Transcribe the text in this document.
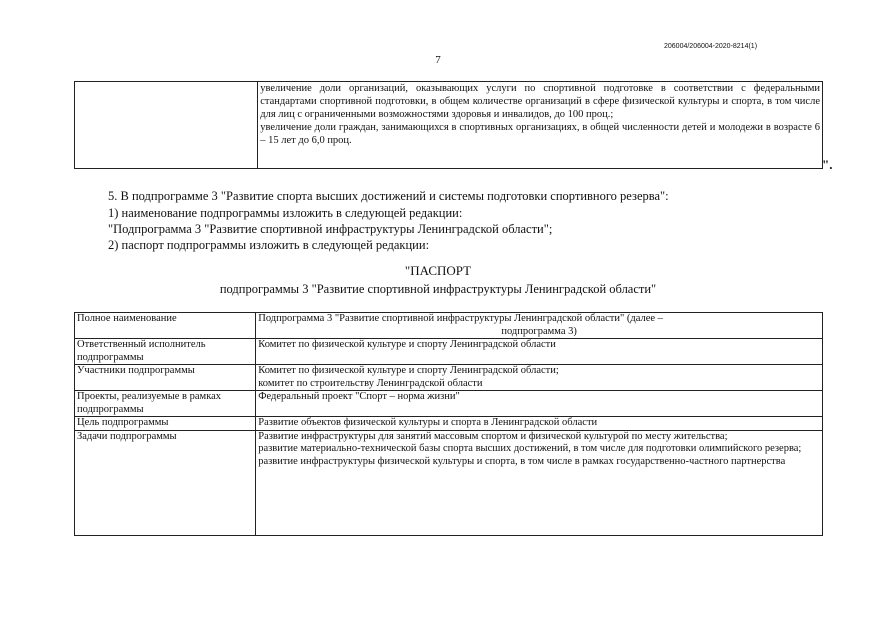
206004/206004-2020-8214(1)
7

увеличение доли организаций, оказывающих услуги по спортивной подготовке в соответствии с федеральными стандартами спортивной подготовки, в общем количестве организаций в сфере физической культуры и спорта, в том числе для лиц с ограниченными возможностями здоровья и инвалидов, до 100 проц.;
увеличение доли граждан, занимающихся в спортивных организациях, в общей численности детей и молодежи в возрасте 6 – 15 лет до 6,0 проц.
".
5. В подпрограмме 3 "Развитие спорта высших достижений и системы подготовки спортивного резерва":
1) наименование подпрограммы изложить в следующей редакции:
"Подпрограмма 3 "Развитие спортивной инфраструктуры Ленинградской области";
2) паспорт подпрограммы изложить в следующей редакции:
"ПАСПОРТ
подпрограммы 3 "Развитие спортивной инфраструктуры Ленинградской области"
Полное наименование	Подпрограмма 3 "Развитие спортивной инфраструктуры Ленинградской области" (далее –

подпрограмма 3)

Ответственный исполнитель подпрограммы	Комитет по физической культуре и спорту Ленинградской области

Участники подпрограммы	Комитет по физической культуре и спорту Ленинградской области;

комитет по строительству Ленинградской области

Проекты, реализуемые в рамках подпрограммы	Федеральный проект "Спорт – норма жизни"

Цель подпрограммы	Развитие объектов физической культуры и спорта в Ленинградской области

Задачи подпрограммы	Развитие инфраструктуры для занятий массовым спортом и физической культурой по месту жительства;

развитие материально-технической базы спорта высших достижений, в том числе для подготовки олимпийского резерва;

развитие инфраструктуры физической культуры и спорта, в том числе в рамках государственно-частного партнерства
